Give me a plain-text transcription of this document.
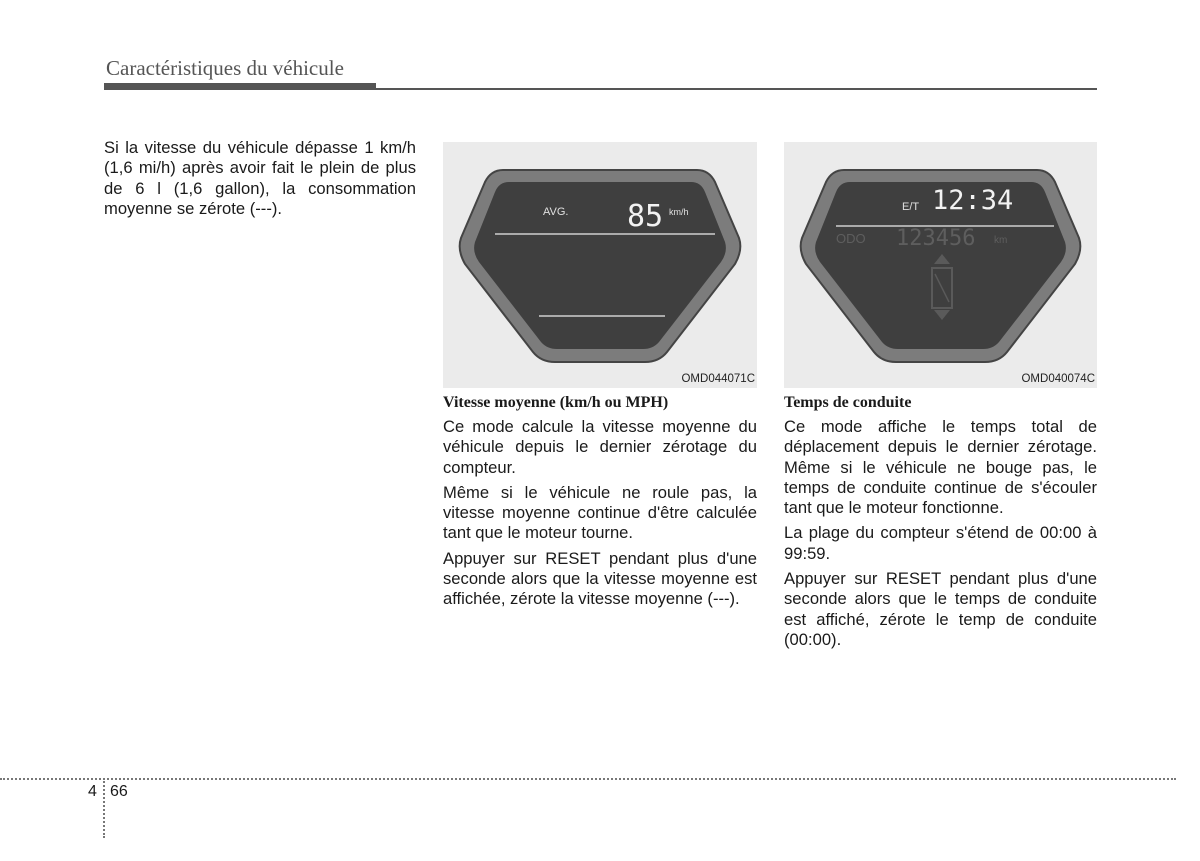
Caractéristiques du véhicule

Si la vitesse du véhicule dépasse 1 km/h (1,6 mi/h) après avoir fait le plein de plus de 6 l (1,6 gallon), la consommation moyenne se zérote (---).	AVG. 85 km/h
OMD044071C
E/T 12:34
ODO 123456 km
OMD040074C
Vitesse moyenne (km/h ou MPH)

Ce mode calcule la vitesse moyenne du véhicule depuis le dernier zérotage du compteur.

Même si le véhicule ne roule pas, la vitesse moyenne continue d'être calculée tant que le moteur tourne.

Appuyer sur RESET pendant plus d'une seconde alors que la vitesse moyenne est affichée, zérote la vitesse moyenne (---).

Temps de conduite

Ce mode affiche le temps total de déplacement depuis le dernier zérotage. Même si le véhicule ne bouge pas, le temps de conduite continue de s'écouler tant que le moteur fonctionne.

La plage du compteur s'étend de 00:00 à 99:59.

Appuyer sur RESET pendant plus d'une seconde alors que le temps de conduite est affiché, zérote le temp de conduite (00:00).

4 66
